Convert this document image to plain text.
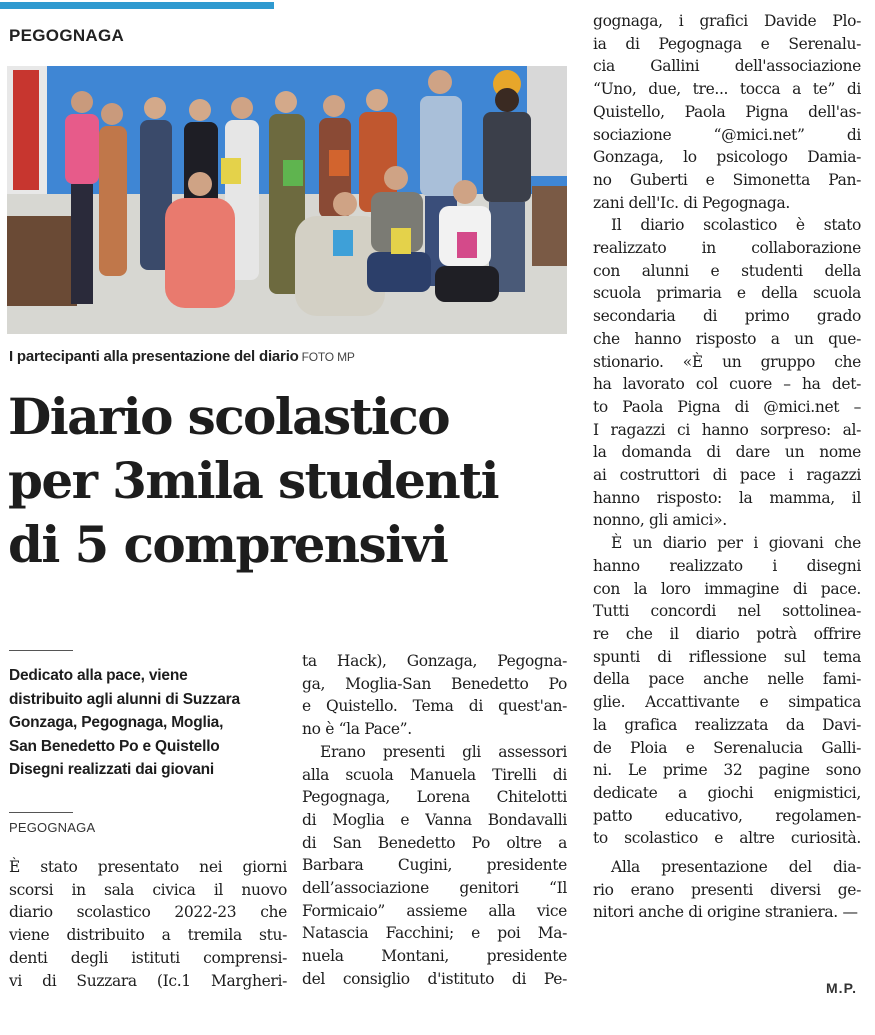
PEGOGNAGA
I partecipanti alla presentazione del diario FOTO MP
Diario scolastico
per 3mila studenti
di 5 comprensivi
Dedicato alla pace, viene
distribuito agli alunni di Suzzara
Gonzaga, Pegognaga, Moglia,
San Benedetto Po e Quistello
Disegni realizzati dai giovani
PEGOGNAGA
È stato presentato nei giorni
scorsi in sala civica il nuovo
diario scolastico 2022-23 che
viene distribuito a tremila stu-
denti degli istituti comprensi-
vi di Suzzara (Ic.1 Margheri-
ta Hack), Gonzaga, Pegogna-
ga, Moglia-San Benedetto Po
e Quistello. Tema di quest'an-
no è “la Pace”.
Erano presenti gli assessori
alla scuola Manuela Tirelli di
Pegognaga, Lorena Chitelotti
di Moglia e Vanna Bondavalli
di San Benedetto Po oltre a
Barbara Cugini, presidente
dell’associazione genitori “Il
Formicaio” assieme alla vice
Natascia Facchini; e poi Ma-
nuela Montani, presidente
del consiglio d'istituto di Pe-
gognaga, i grafici Davide Plo-
ia di Pegognaga e Serenalu-
cia Gallini dell'associazione
“Uno, due, tre... tocca a te” di
Quistello, Paola Pigna dell'as-
sociazione “@mici.net” di
Gonzaga, lo psicologo Damia-
no Guberti e Simonetta Pan-
zani dell'Ic. di Pegognaga.
Il diario scolastico è stato
realizzato in collaborazione
con alunni e studenti della
scuola primaria e della scuola
secondaria di primo grado
che hanno risposto a un que-
stionario. «È un gruppo che
ha lavorato col cuore – ha det-
to Paola Pigna di @mici.net –
I ragazzi ci hanno sorpreso: al-
la domanda di dare un nome
ai costruttori di pace i ragazzi
hanno risposto: la mamma, il
nonno, gli amici».
È un diario per i giovani che
hanno realizzato i disegni
con la loro immagine di pace.
Tutti concordi nel sottolinea-
re che il diario potrà offrire
spunti di riflessione sul tema
della pace anche nelle fami-
glie. Accattivante e simpatica
la grafica realizzata da Davi-
de Ploia e Serenalucia Galli-
ni. Le prime 32 pagine sono
dedicate a giochi enigmistici,
patto educativo, regolamen-
to scolastico e altre curiosità.
Alla presentazione del dia-
rio erano presenti diversi ge-
nitori anche di origine straniera. —
M.P.
